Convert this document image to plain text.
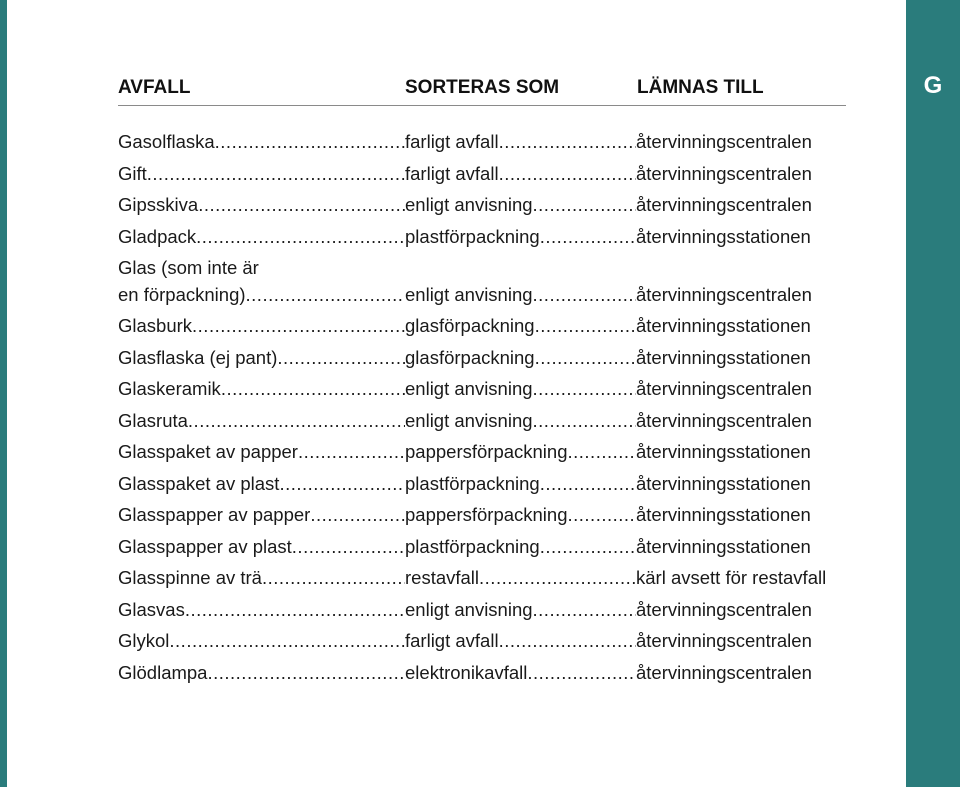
G
AVFALL	SORTERAS SOM	LÄMNAS TILL
Gasolflaska .....	farligt avfall .....	återvinningscentralen
Gift .....	farligt avfall .....	återvinningscentralen
Gipsskiva .....	enligt anvisning .....	återvinningscentralen
Gladpack .....	plastförpackning .....	återvinningsstationen
Glas (som inte är
en förpackning) .....	enligt anvisning .....	återvinningscentralen
Glasburk .....	glasförpackning .....	återvinningsstationen
Glasflaska (ej pant) .....	glasförpackning .....	återvinningsstationen
Glaskeramik .....	enligt anvisning .....	återvinningscentralen
Glasruta .....	enligt anvisning .....	återvinningscentralen
Glasspaket av papper .....	pappersförpackning .....	återvinningsstationen
Glasspaket av plast .....	plastförpackning .....	återvinningsstationen
Glasspapper av papper .....	pappersförpackning .....	återvinningsstationen
Glasspapper av plast .....	plastförpackning .....	återvinningsstationen
Glasspinne av trä .....	restavfall .....	kärl avsett för restavfall
Glasvas .....	enligt anvisning .....	återvinningscentralen
Glykol .....	farligt avfall .....	återvinningscentralen
Glödlampa .....	elektronikavfall .....	återvinningscentralen
